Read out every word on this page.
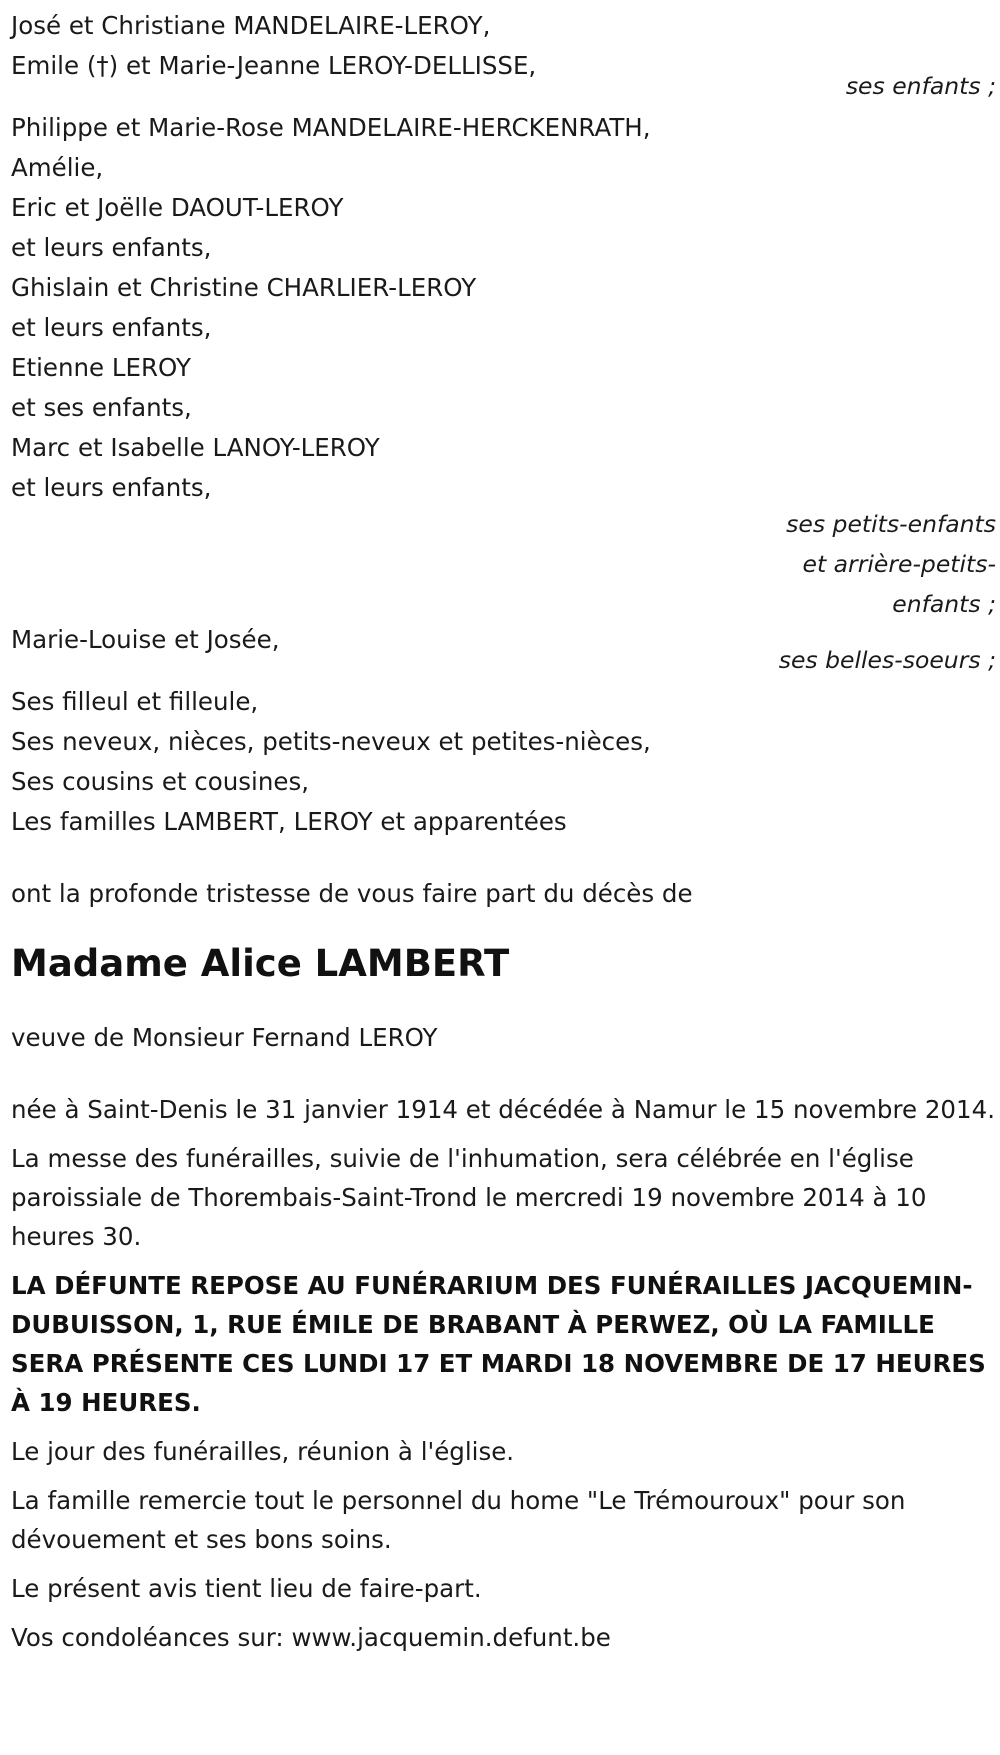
José et Christiane MANDELAIRE-LEROY,

Emile (†) et Marie-Jeanne LEROY-DELLISSE,

ses enfants ;

Philippe et Marie-Rose MANDELAIRE-HERCKENRATH,

Amélie,

Eric et Joëlle DAOUT-LEROY

et leurs enfants,

Ghislain et Christine CHARLIER-LEROY

et leurs enfants,

Etienne LEROY

et ses enfants,

Marc et Isabelle LANOY-LEROY

et leurs enfants,

ses petits-enfants

et arrière-petits-

enfants ;

Marie-Louise et Josée,

ses belles-soeurs ;

Ses filleul et filleule,

Ses neveux, nièces, petits-neveux et petites-nièces,

Ses cousins et cousines,

Les familles LAMBERT, LEROY et apparentées

ont la profonde tristesse de vous faire part du décès de

Madame Alice LAMBERT

veuve de Monsieur Fernand LEROY

née à Saint-Denis le 31 janvier 1914 et décédée à Namur le 15 novembre 2014.

La messe des funérailles, suivie de l'inhumation, sera célébrée en l'église paroissiale de Thorembais-Saint-Trond le mercredi 19 novembre 2014 à 10 heures 30.

LA DÉFUNTE REPOSE AU FUNÉRARIUM DES FUNÉRAILLES JACQUEMIN-DUBUISSON, 1, RUE ÉMILE DE BRABANT À PERWEZ, OÙ LA FAMILLE SERA PRÉSENTE CES LUNDI 17 ET MARDI 18 NOVEMBRE DE 17 HEURES À 19 HEURES.

Le jour des funérailles, réunion à l'église.

La famille remercie tout le personnel du home "Le Trémouroux" pour son dévouement et ses bons soins.

Le présent avis tient lieu de faire-part.

Vos condoléances sur: www.jacquemin.defunt.be
